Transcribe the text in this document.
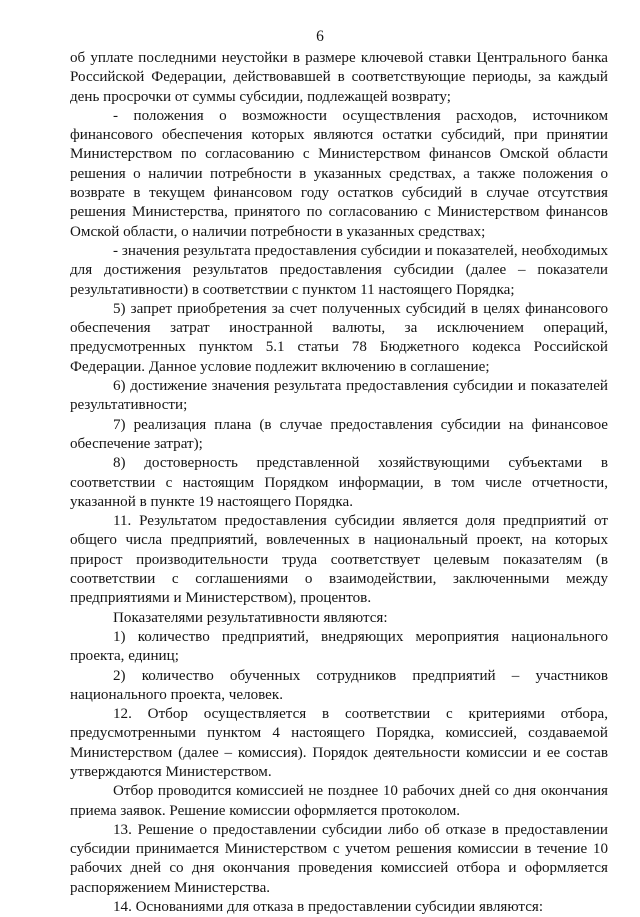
6

об уплате последними неустойки в размере ключевой ставки Центрального банка Российской Федерации, действовавшей в соответствующие периоды, за каждый день просрочки от суммы субсидии, подлежащей возврату;

- положения о возможности осуществления расходов, источником финансового обеспечения которых являются остатки субсидий, при принятии Министерством по согласованию с Министерством финансов Омской области решения о наличии потребности в указанных средствах, а также положения о возврате в текущем финансовом году остатков субсидий в случае отсутствия решения Министерства, принятого по согласованию с Министерством финансов Омской области, о наличии потребности в указанных средствах;

- значения результата предоставления субсидии и показателей, необходимых для достижения результатов предоставления субсидии (далее – показатели результативности) в соответствии с пунктом 11 настоящего Порядка;

5) запрет приобретения за счет полученных субсидий в целях финансового обеспечения затрат иностранной валюты, за исключением операций, предусмотренных пунктом 5.1 статьи 78 Бюджетного кодекса Российской Федерации. Данное условие подлежит включению в соглашение;

6) достижение значения результата предоставления субсидии и показателей результативности;

7) реализация плана (в случае предоставления субсидии на финансовое обеспечение затрат);

8) достоверность представленной хозяйствующими субъектами в соответствии с настоящим Порядком информации, в том числе отчетности, указанной в пункте 19 настоящего Порядка.

11. Результатом предоставления субсидии является доля предприятий от общего числа предприятий, вовлеченных в национальный проект, на которых прирост производительности труда соответствует целевым показателям (в соответствии с соглашениями о взаимодействии, заключенными между предприятиями и Министерством), процентов.

Показателями результативности являются:

1) количество предприятий, внедряющих мероприятия национального проекта, единиц;

2) количество обученных сотрудников предприятий – участников национального проекта, человек.

12. Отбор осуществляется в соответствии с критериями отбора, предусмотренными пунктом 4 настоящего Порядка, комиссией, создаваемой Министерством (далее – комиссия). Порядок деятельности комиссии и ее состав утверждаются Министерством.

Отбор проводится комиссией не позднее 10 рабочих дней со дня окончания приема заявок. Решение комиссии оформляется протоколом.

13. Решение о предоставлении субсидии либо об отказе в предоставлении субсидии принимается Министерством с учетом решения комиссии в течение 10 рабочих дней со дня окончания проведения комиссией отбора и оформляется распоряжением Министерства.

14. Основаниями для отказа в предоставлении субсидии являются:
